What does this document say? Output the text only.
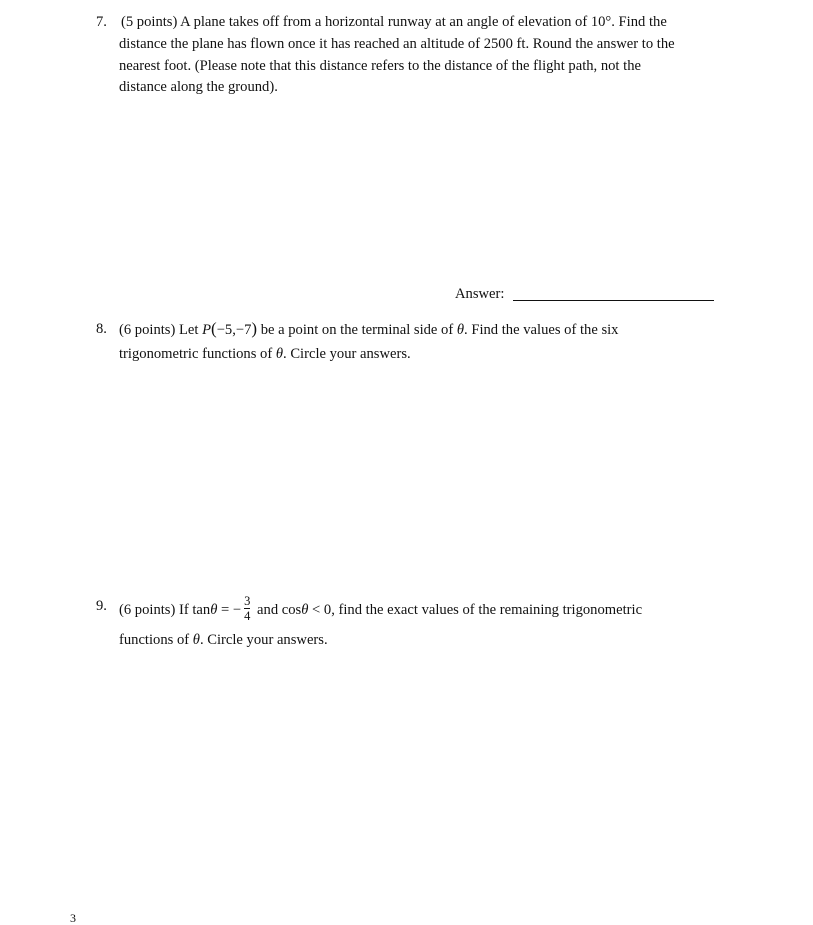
7. (5 points) A plane takes off from a horizontal runway at an angle of elevation of 10°. Find the
distance the plane has flown once it has reached an altitude of 2500 ft. Round the answer to the
nearest foot. (Please note that this distance refers to the distance of the flight path, not the
distance along the ground).
Answer:
8. (6 points) Let P(−5,−7) be a point on the terminal side of θ. Find the values of the six
trigonometric functions of θ. Circle your answers.
9. (6 points) If tanθ = − $\frac{3}{4}$ and cosθ < 0, find the exact values of the remaining trigonometric
functions of θ. Circle your answers.
3
